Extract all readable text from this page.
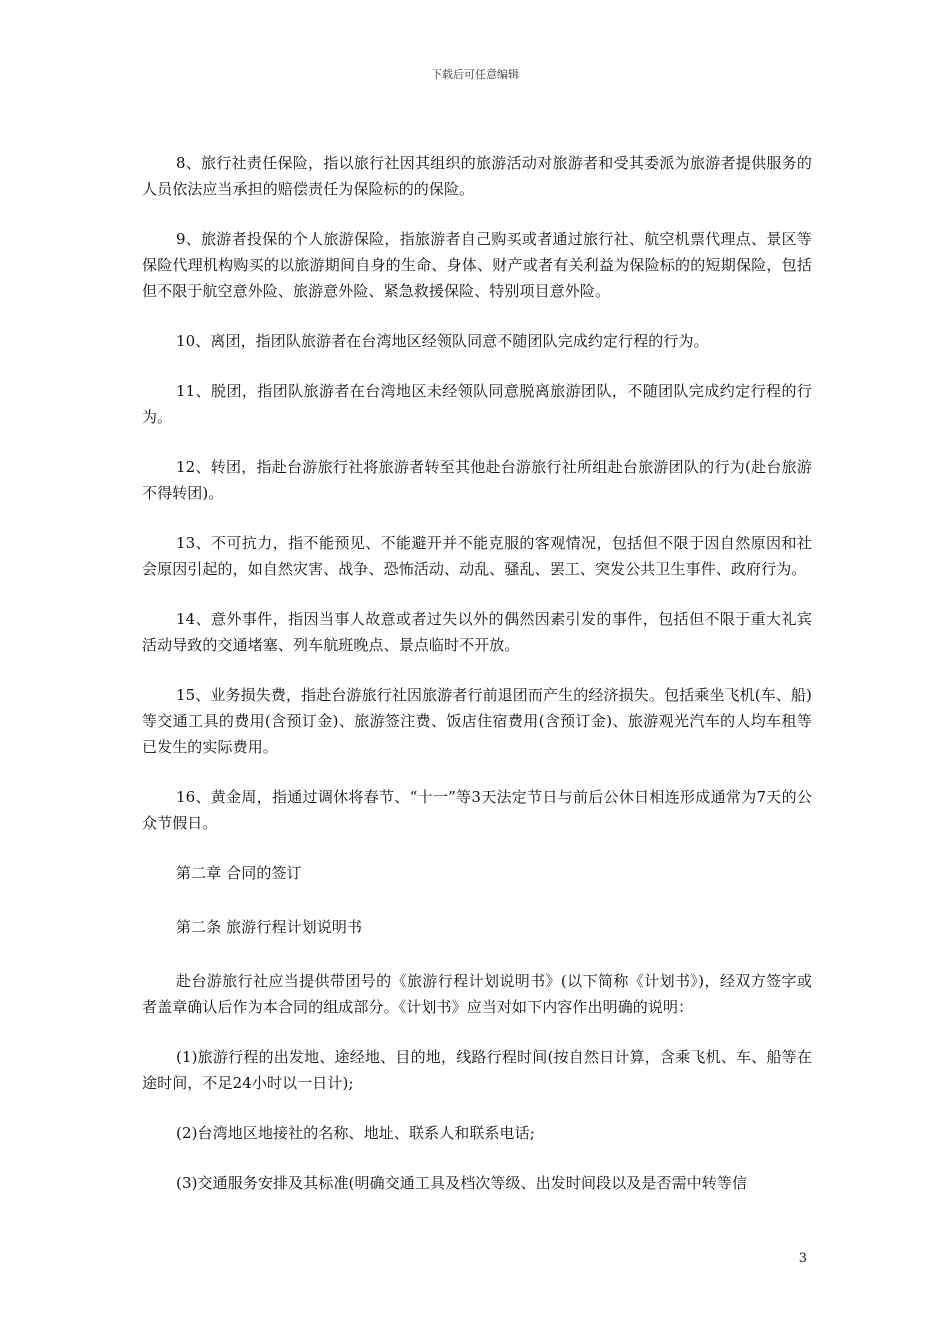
下载后可任意编辑

8、旅行社责任保险，指以旅行社因其组织的旅游活动对旅游者和受其委派为旅游者提供服务的人员依法应当承担的赔偿责任为保险标的的保险。

9、旅游者投保的个人旅游保险，指旅游者自己购买或者通过旅行社、航空机票代理点、景区等保险代理机构购买的以旅游期间自身的生命、身体、财产或者有关利益为保险标的的短期保险，包括但不限于航空意外险、旅游意外险、紧急救援保险、特别项目意外险。

10、离团，指团队旅游者在台湾地区经领队同意不随团队完成约定行程的行为。

11、脱团，指团队旅游者在台湾地区未经领队同意脱离旅游团队，不随团队完成约定行程的行为。

12、转团，指赴台游旅行社将旅游者转至其他赴台游旅行社所组赴台旅游团队的行为(赴台旅游不得转团)。

13、不可抗力，指不能预见、不能避开并不能克服的客观情况，包括但不限于因自然原因和社会原因引起的，如自然灾害、战争、恐怖活动、动乱、骚乱、罢工、突发公共卫生事件、政府行为。

14、意外事件，指因当事人故意或者过失以外的偶然因素引发的事件，包括但不限于重大礼宾活动导致的交通堵塞、列车航班晚点、景点临时不开放。

15、业务损失费，指赴台游旅行社因旅游者行前退团而产生的经济损失。包括乘坐飞机(车、船)等交通工具的费用(含预订金)、旅游签注费、饭店住宿费用(含预订金)、旅游观光汽车的人均车租等已发生的实际费用。

16、黄金周，指通过调休将春节、“十一”等3天法定节日与前后公休日相连形成通常为7天的公众节假日。

第二章 合同的签订

第二条 旅游行程计划说明书

赴台游旅行社应当提供带团号的《旅游行程计划说明书》(以下简称《计划书》)，经双方签字或者盖章确认后作为本合同的组成部分。《计划书》应当对如下内容作出明确的说明：

(1)旅游行程的出发地、途经地、目的地，线路行程时间(按自然日计算，含乘飞机、车、船等在途时间，不足24小时以一日计);

(2)台湾地区地接社的名称、地址、联系人和联系电话;

(3)交通服务安排及其标准(明确交通工具及档次等级、出发时间段以及是否需中转等信

3
